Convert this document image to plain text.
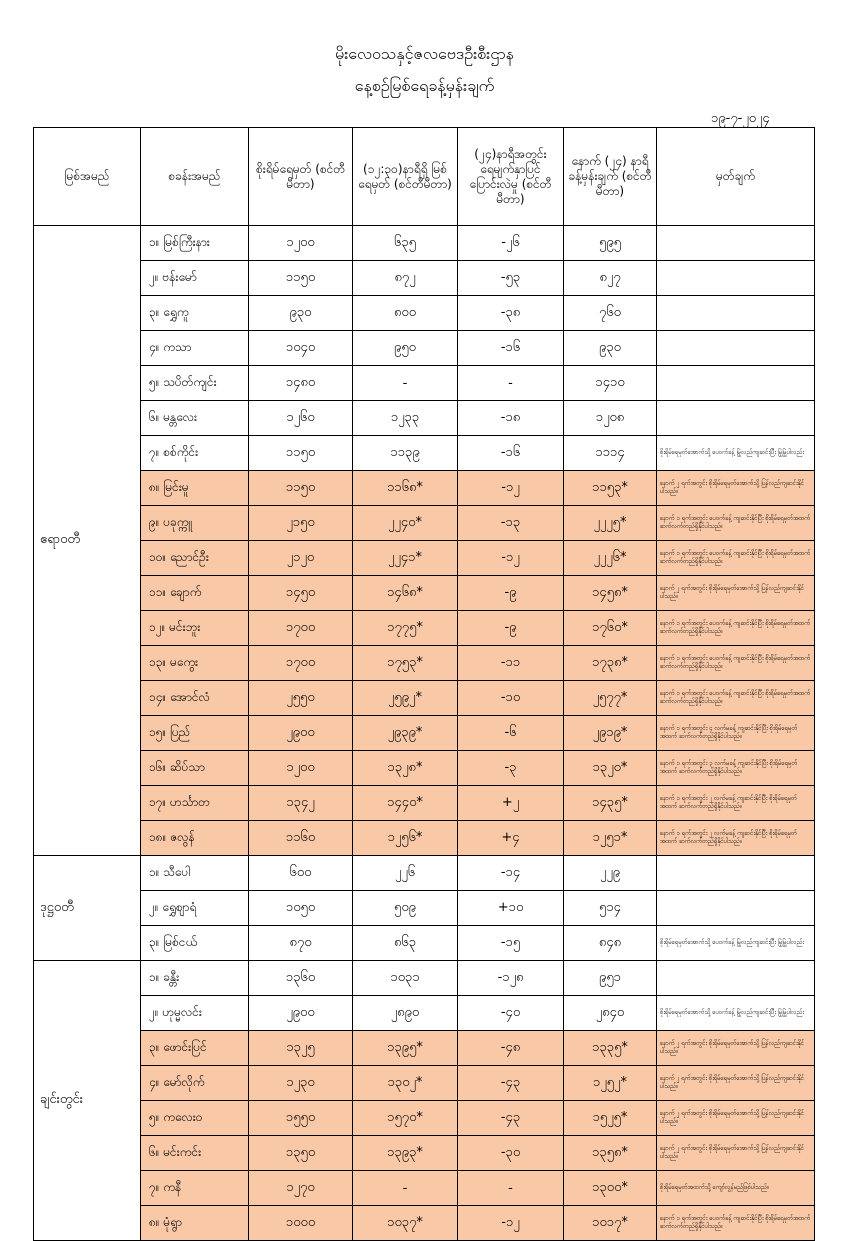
မိုးလေဝသနှင့်ဇလဗေဒဦးစီးဌာန
နေ့စဉ်မြစ်ရေခန့်မှန်းချက်
၁၉-၇-၂၀၂၄
မြစ်အမည်	စခန်းအမည်	စိုးရိမ်ရေမှတ် (စင်တီမီတာ)	(၁၂:၃၀)နာရီရှိ မြစ်ရေမှတ် (စင်တီမီတာ)	(၂၄)နာရီအတွင်း ရေမျက်နှာပြင် ပြောင်းလဲမှု (စင်တီမီတာ)	နောက် (၂၄) နာရီ ခန့်မှန်းချက် (စင်တီမီတာ)	မှတ်ချက်
ဧရာဝတီ	၁။ မြစ်ကြီးနား	၁၂၀၀	၆၃၅	-၂၆	၅၉၅	
	၂။ ဗန်းမော်	၁၁၅၀	၈၇၂	-၅၃	၈၂၇	
	၃။ ရွှေကူ	၉၃၀	၈၀၀	-၃၈	၇၆၀	
	၄။ ကသာ	၁၀၄၀	၉၅၀	-၁၆	၉၃၀	
	၅။ သပိတ်ကျင်း	၁၄၈၀	-	-	၁၄၁၀	
	၆။ မန္တလေး	၁၂၆၀	၁၂၃၃	-၁၈	၁၂၀၈	
	၇။ စစ်ကိုင်း	၁၁၅၀	၁၁၃၉	-၁၆	၁၁၁၄	စိုးရိမ်ရေမှတ်အောက်သို့ ပေ၀က်ခန့် မြဲ့လည်ကျဆင်းပြီး မြဲ့မြဲ့ပါလည်း
	၈။ မြင်းမူ	၁၁၅၀	၁၁၆၈*	-၁၂	၁၁၅၃*	နောက် ၂ ရက်အတွင်း စိုးရိမ်ရေမှတ်အောက်သို့ ပြန်လည်ကျဆင်းနိုင်ပါသည်။
	၉။ ပခုက္ကူ	၂၁၅၀	၂၂၄၀*	-၁၃	၂၂၂၅*	နောက် ၁ ရက်အတွင်း ပေ၀က်ခန့် ကျဆင်းနိုင်ပြီး စိုးရိမ်ရေမှတ်အထက် ဆက်လက်တည်ရှိနိုင်ပါသည်။
	၁၀။ ညောင်ဦး	၂၁၂၀	၂၂၄၁*	-၁၂	၂၂၂၆*	နောက် ၁ ရက်အတွင်း ပေ၀က်ခန့် ကျဆင်းနိုင်ပြီး စိုးရိမ်ရေမှတ်အထက် ဆက်လက်တည်ရှိနိုင်ပါသည်။
	၁၁။ ချောက်	၁၄၅၀	၁၄၆၈*	-၉	၁၄၅၈*	နောက် ၂ ရက်အတွင်း စိုးရိမ်ရေမှတ်အောက်သို့ ပြန်လည်ကျဆင်းနိုင်ပါသည်။
	၁၂။ မင်းဘူး	၁၇၀၀	၁၇၇၅*	-၉	၁၇၆၀*	နောက် ၁ ရက်အတွင်း ပေ၀က်ခန့် ကျဆင်းနိုင်ပြီး စိုးရိမ်ရေမှတ်အထက် ဆက်လက်တည်ရှိနိုင်ပါသည်။
	၁၃။ မကွေး	၁၇၀၀	၁၇၅၃*	-၁၁	၁၇၃၈*	နောက် ၁ ရက်အတွင်း ပေ၀က်ခန့် ကျဆင်းနိုင်ပြီး စိုးရိမ်ရေမှတ်အထက် ဆက်လက်တည်ရှိနိုင်ပါသည်။
	၁၄။ အောင်လံ	၂၅၅၀	၂၅၉၂*	-၁၀	၂၅၇၇*	နောက် ၁ ရက်အတွင်း ပေ၀က်ခန့် ကျဆင်းနိုင်ပြီး စိုးရိမ်ရေမှတ်အထက် ဆက်လက်တည်ရှိနိုင်ပါသည်။
	၁၅။ ပြည်	၂၉၀၀	၂၉၃၉*	-၆	၂၉၁၉*	နောက် ၁ ရက်အတွင်း ၄ လက်မခန့် ကျဆင်းနိုင်ပြီး စိုးရိမ်ရေမှတ်အထက် ဆက်လက်တည်ရှိနိုင်ပါသည်။
	၁၆။ ဆိပ်သာ	၁၂၀၀	၁၃၂၈*	-၃	၁၃၂၀*	နောက် ၁ ရက်အတွင်း ၃ လက်မခန့် ကျဆင်းနိုင်ပြီး စိုးရိမ်ရေမှတ်အထက် ဆက်လက်တည်ရှိနိုင်ပါသည်။
	၁၇။ ဟင်္သာတ	၁၃၄၂	၁၄၄၀*	+၂	၁၄၃၅*	နောက် ၁ ရက်အတွင်း ၂ လက်မခန့် ကျဆင်းနိုင်ပြီး စိုးရိမ်ရေမှတ်အထက် ဆက်လက်တည်ရှိနိုင်ပါသည်။
	၁၈။ ဇလွန်	၁၁၆၀	၁၂၅၆*	+၄	၁၂၅၁*	နောက် ၁ ရက်အတွင်း ၂ လက်မခန့် ကျဆင်းနိုင်ပြီး စိုးရိမ်ရေမှတ်အထက် ဆက်လက်တည်ရှိနိုင်ပါသည်။
ဒုဋ္ဌဝတီ	၁။ သီပေါ	၆၀၀	၂၂၆	-၁၄	၂၂၉	
	၂။ ရွှေဈာရံ	၁၀၅၀	၅၀၉	+၁၀	၅၁၄	
	၃။ မြစ်ငယ်	၈၇၀	၈၆၃	-၁၅	၈၄၈	စိုးရိမ်ရေမှတ်အောက်သို့ ပေ၀က်ခန့် မြဲ့လည်ကျဆင်းပြီး မြဲ့မြဲ့ပါလည်း
ချင်းတွင်း	၁။ ခန္တီး	၁၃၆၀	၁၀၃၁	-၁၂၈	၉၅၁	
	၂။ ဟုမ္မလင်း	၂၉၀၀	၂၈၉၀	-၄၀	၂၈၄၀	စိုးရိမ်ရေမှတ်အောက်သို့ ပေ၀က်ခန့် မြဲ့လည်ကျဆင်းပြီး မြဲ့မြဲ့ပါလည်း
	၃။ ဖောင်းပြင်	၁၃၂၅	၁၃၉၅*	-၄၈	၁၃၃၅*	နောက် ၂ ရက်အတွင်း စိုးရိမ်ရေမှတ်အောက်သို့ ပြန်လည်ကျဆင်းနိုင်ပါသည်။
	၄။ မော်လိုက်	၁၂၃၀	၁၃၀၂*	-၄၃	၁၂၅၂*	နောက် ၂ ရက်အတွင်း စိုးရိမ်ရေမှတ်အောက်သို့ ပြန်လည်ကျဆင်းနိုင်ပါသည်။
	၅။ ကလေးဝ	၁၅၅၀	၁၅၇၀*	-၄၃	၁၅၂၅*	နောက် ၂ ရက်အတွင်း စိုးရိမ်ရေမှတ်အောက်သို့ ပြန်လည်ကျဆင်းနိုင်ပါသည်။
	၆။ မင်းကင်း	၁၃၅၀	၁၃၉၃*	-၃၀	၁၃၅၈*	နောက် ၂ ရက်အတွင်း စိုးရိမ်ရေမှတ်အောက်သို့ ပြန်လည်ကျဆင်းနိုင်ပါသည်။
	၇။ ကနီ	၁၂၇၀	-	-	၁၃၀၀*	စိုးရိမ်ရေမှတ်အထက်သို့ ကျော်လွန်မည်ဖြစ်ပါသည်။
	၈။ မုံရွာ	၁၀၀၀	၁၀၃၇*	-၁၂	၁၀၁၇*	နောက် ၁ ရက်အတွင်း ပေ၀က်ခန့် ကျဆင်းနိုင်ပြီး စိုးရိမ်ရေမှတ်အထက် ဆက်လက်တည်ရှိနိုင်ပါသည်။
